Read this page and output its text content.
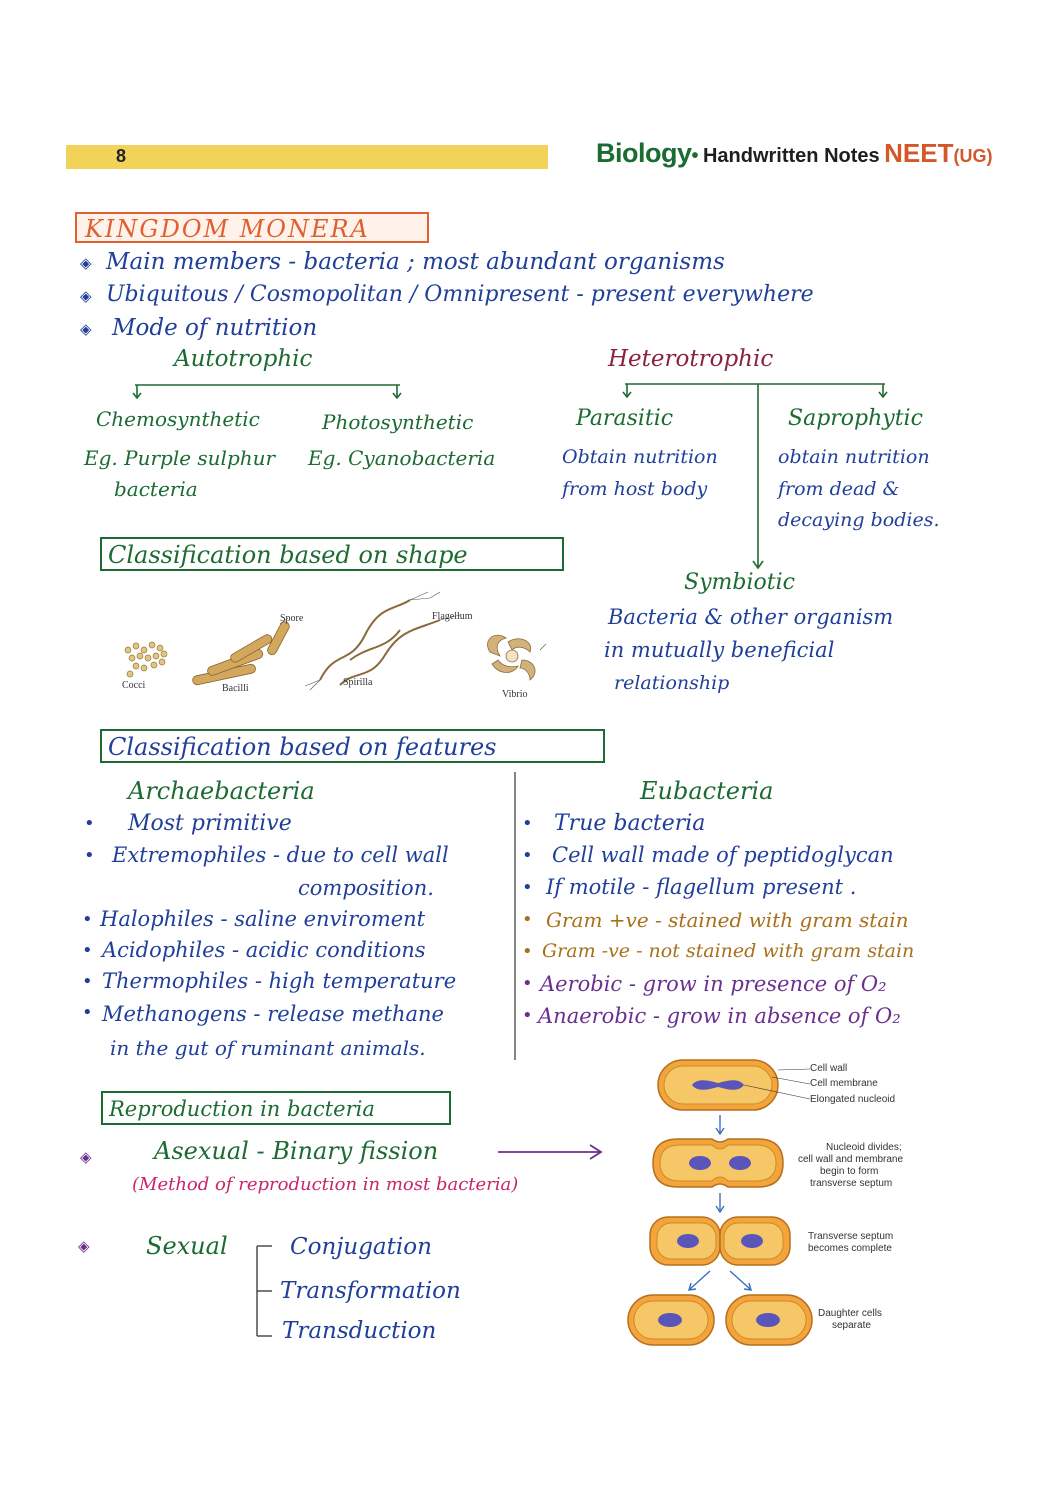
8	Biology• Handwritten Notes NEET(UG)
KINGDOM MONERA
◈ Main members - bacteria ; most abundant organisms
◈ Ubiquitous / Cosmopolitan / Omnipresent - present everywhere
◈ Mode of nutrition
Autotrophic	Heterotrophic
Chemosynthetic
Eg. Purple sulphur
bacteria
Photosynthetic
Eg. Cyanobacteria
Parasitic
Obtain nutrition
from host body
Saprophytic
obtain nutrition
from dead &
decaying bodies.
Symbiotic
Bacteria & other organism
in mutually beneficial
relationship
Classification based on shape
Cocci	Bacilli
Spore
Spirilla
Flagellum
Vibrio
Classification based on features
Archaebacteria	Eubacteria
• Most primitive
• Extremophiles - due to cell wall
composition.
• Halophiles - saline enviroment
• Acidophiles - acidic conditions
• Thermophiles - high temperature
• Methanogens - release methane
in the gut of ruminant animals.
• True bacteria
• Cell wall made of peptidoglycan
• If motile - flagellum present .
• Gram +ve - stained with gram stain
• Gram -ve - not stained with gram stain
• Aerobic - grow in presence of O₂
• Anaerobic - grow in absence of O₂
Reproduction in bacteria
◈	Asexual - Binary fission
(Method of reproduction in most bacteria)
◈ Sexual	Conjugation
Transformation
Transduction
Cell wall
Cell membrane
Elongated nucleoid
Nucleoid divides;
cell wall and membrane
begin to form
transverse septum
Transverse septum
becomes complete
Daughter cells
separate
